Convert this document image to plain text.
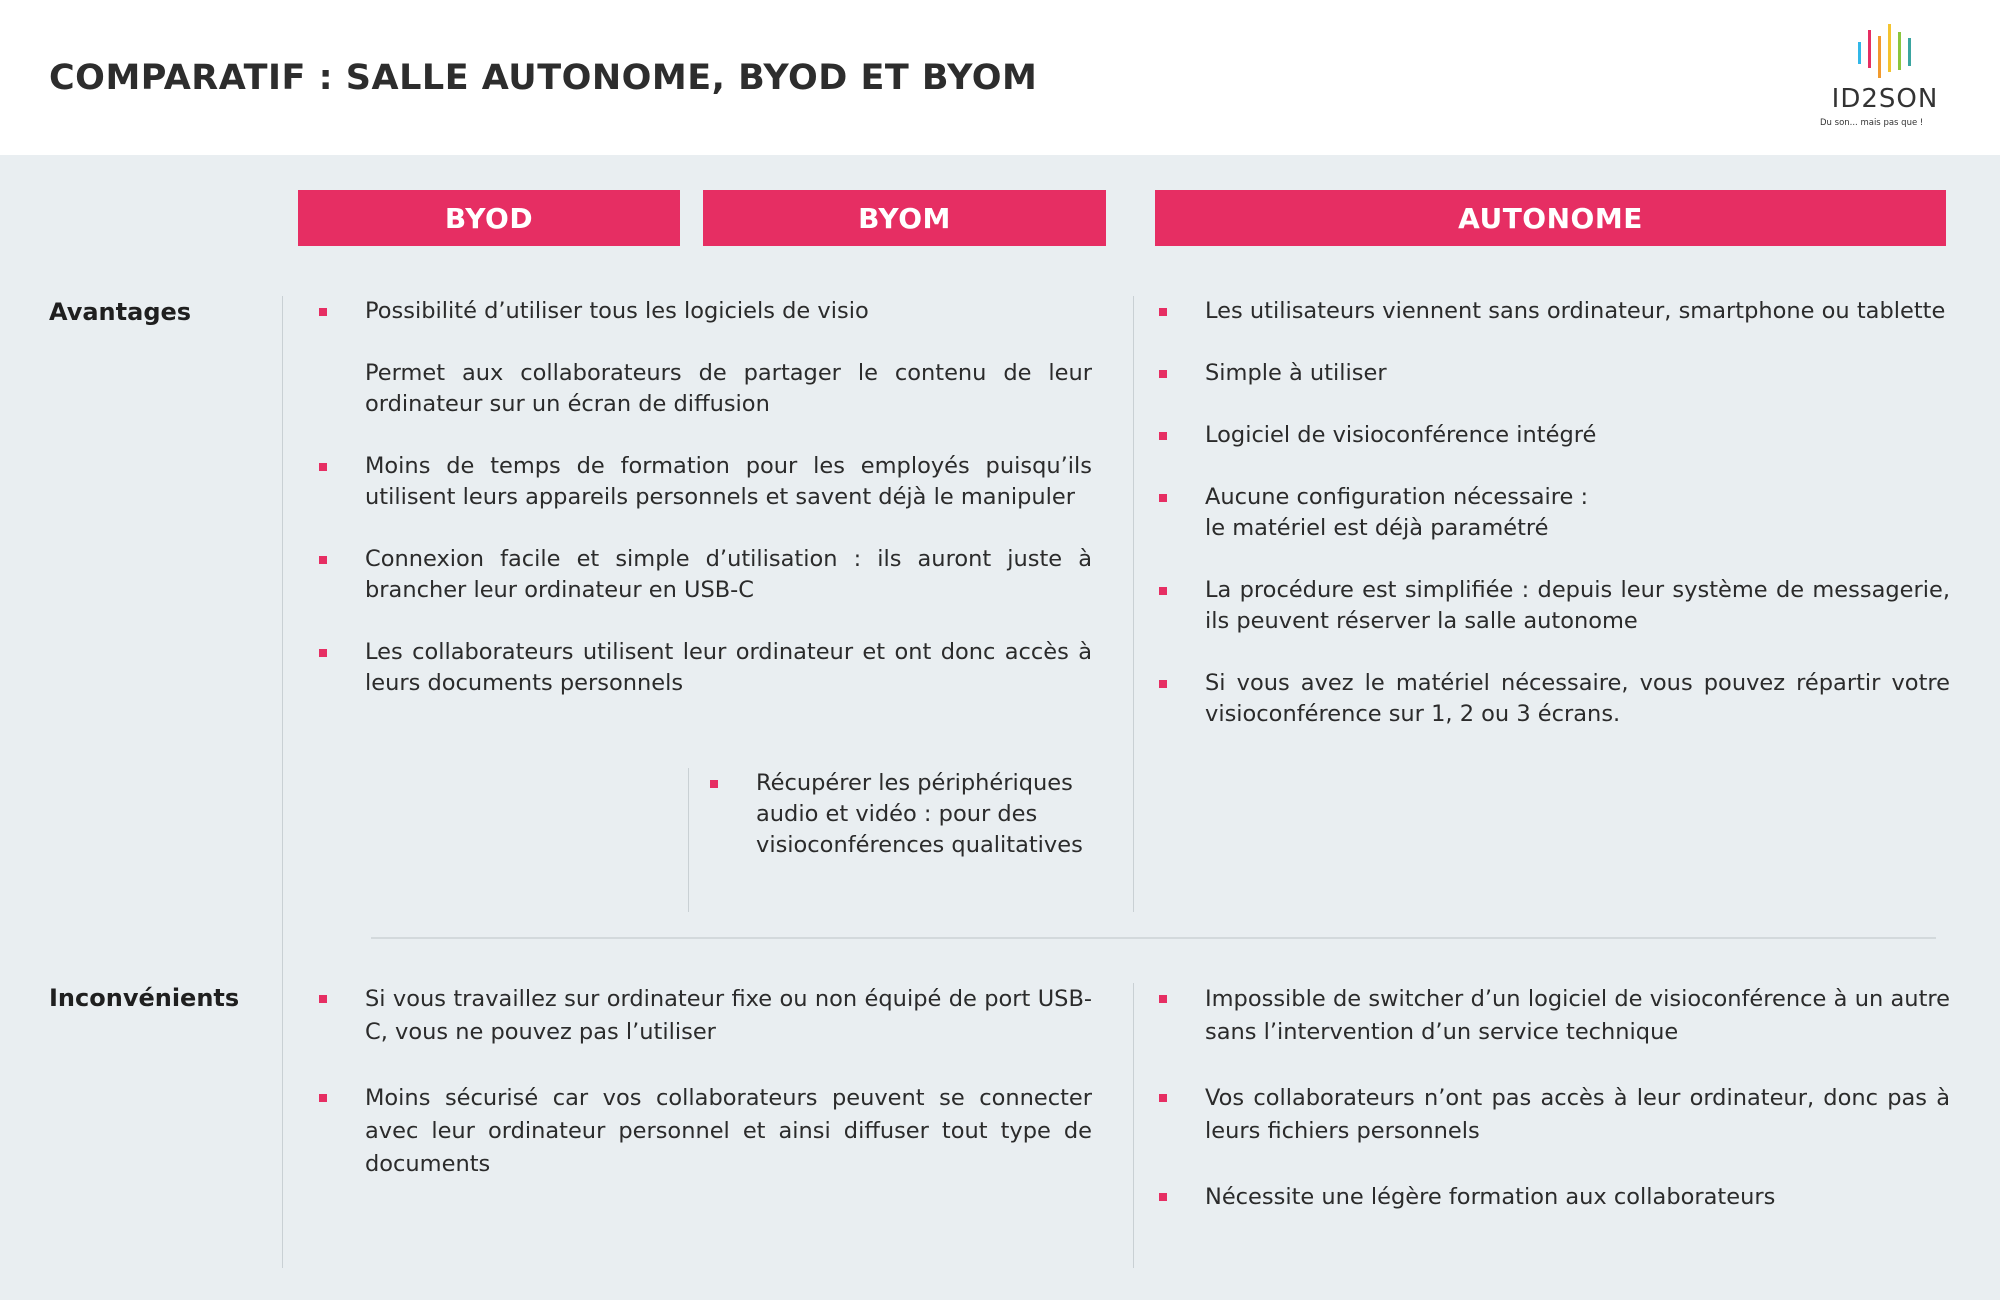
COMPARATIF : SALLE AUTONOME, BYOD ET BYOM
ID2SON
Du son... mais pas que !
BYOD	BYOM	AUTONOME
Avantages
Inconvénients
Possibilité d’utiliser tous les logiciels de visio
Permet aux collaborateurs de partager le contenu de leur ordinateur sur un écran de diffusion
Moins de temps de formation pour les employés puisqu’ils utilisent leurs appareils personnels et savent déjà le manipuler
Connexion facile et simple d’utilisation : ils auront juste à brancher leur ordinateur en USB-C
Les collaborateurs utilisent leur ordinateur et ont donc accès à leurs documents personnels
Récupérer les périphériques audio et vidéo : pour des visioconférences qualitatives
Les utilisateurs viennent sans ordinateur, smartphone ou tablette
Simple à utiliser
Logiciel de visioconférence intégré
Aucune configuration nécessaire :
le matériel est déjà paramétré
La procédure est simplifiée : depuis leur système de messagerie, ils peuvent réserver la salle autonome
Si vous avez le matériel nécessaire, vous pouvez répartir votre visioconférence sur 1, 2 ou 3 écrans.
Si vous travaillez sur ordinateur fixe ou non équipé de port USB-C, vous ne pouvez pas l’utiliser
Moins sécurisé car vos collaborateurs peuvent se connecter avec leur ordinateur personnel et ainsi diffuser tout type de documents
Impossible de switcher d’un logiciel de visioconférence à un autre sans l’intervention d’un service technique
Vos collaborateurs n’ont pas accès à leur ordinateur, donc pas à leurs fichiers personnels
Nécessite une légère formation aux collaborateurs
